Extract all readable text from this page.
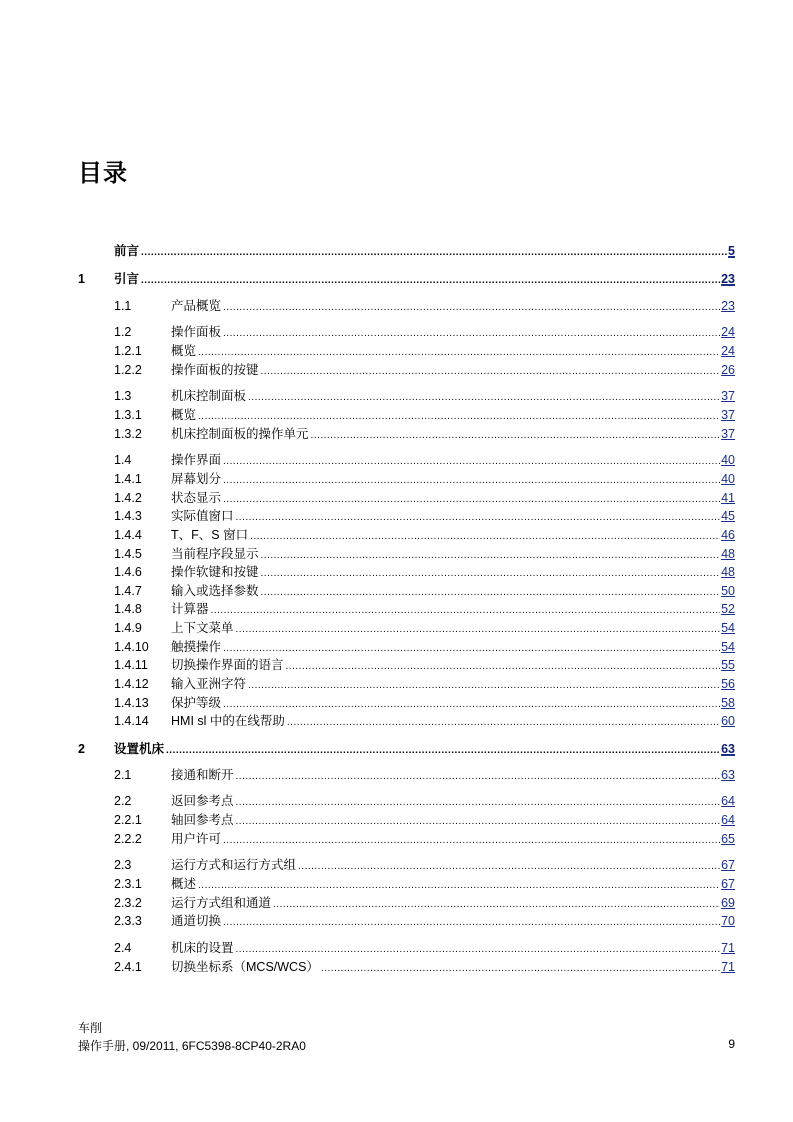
目录
前言 .....	5
1 引言 .....	23
1.1	产品概览 .....	23
1.2	操作面板 .....	24
1.2.1 概览 .....	24
1.2.2 操作面板的按键 .....	26
1.3	机床控制面板 .....	37
1.3.1 概览 .....	37
1.3.2 机床控制面板的操作单元 .....	37
1.4	操作界面 .....	40
1.4.1 屏幕划分 .....	40
1.4.2 状态显示 .....	41
1.4.3 实际值窗口 .....	45
1.4.4 T、F、S 窗口 .....	46
1.4.5 当前程序段显示 .....	48
1.4.6 操作软键和按键 .....	48
1.4.7 输入或选择参数 .....	50
1.4.8 计算器 .....	52
1.4.9 上下文菜单 .....	54
1.4.10 触摸操作 .....	54
1.4.11 切换操作界面的语言 .....	55
1.4.12 输入亚洲字符 .....	56
1.4.13 保护等级 .....	58
1.4.14 HMI sl 中的在线帮助 .....	60
2 设置机床 .....	63
2.1	接通和断开 .....	63
2.2	返回参考点 .....	64
2.2.1 轴回参考点 .....	64
2.2.2 用户许可 .....	65
2.3	运行方式和运行方式组 .....	67
2.3.1 概述 .....	67
2.3.2 运行方式组和通道 .....	69
2.3.3 通道切换 .....	70
2.4	机床的设置 .....	71
2.4.1 切换坐标系（MCS/WCS） .....	71
车削
操作手册, 09/2011, 6FC5398-8CP40-2RA0	9
